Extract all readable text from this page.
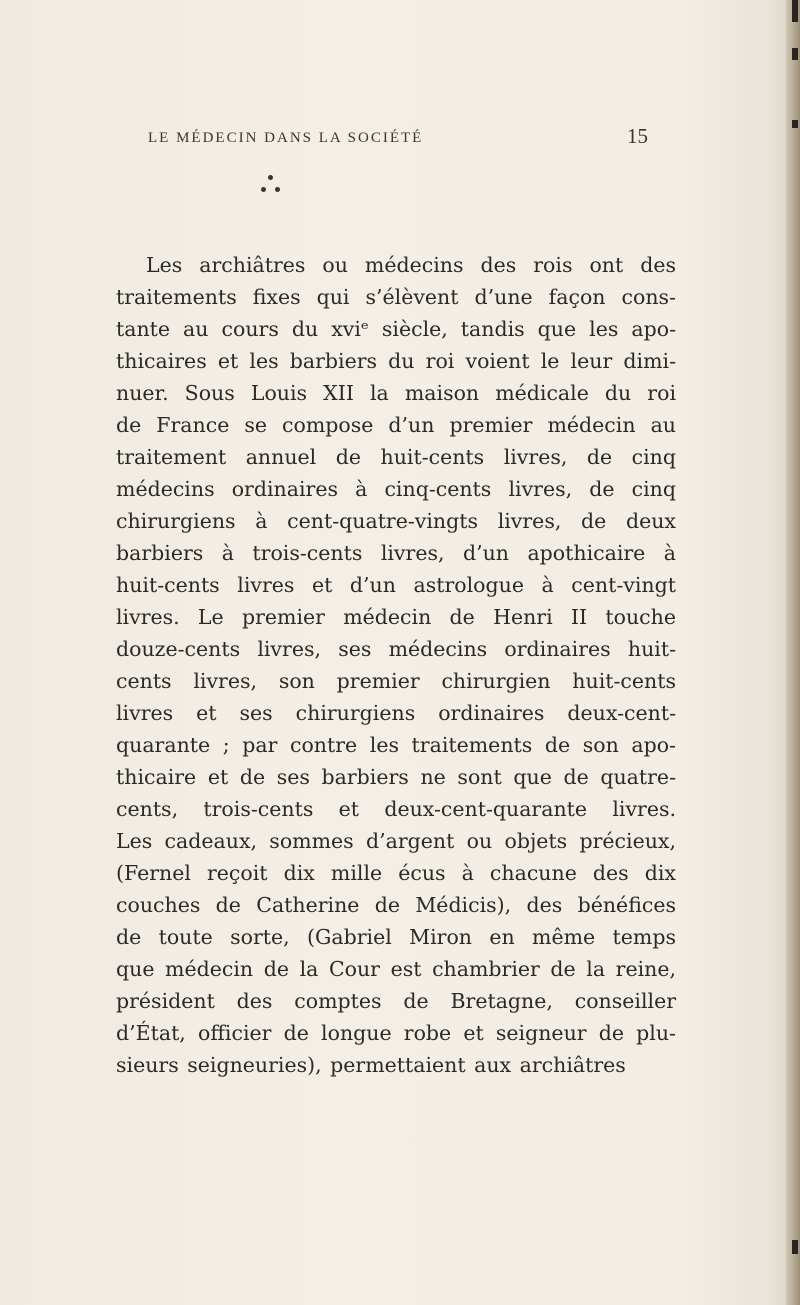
LE MÉDECIN DANS LA SOCIÉTÉ	15
Les archiâtres ou médecins des rois ont des
traitements fixes qui s’élèvent d’une façon cons-
tante au cours du xviᵉ siècle, tandis que les apo-
thicaires et les barbiers du roi voient le leur dimi-
nuer. Sous Louis XII la maison médicale du roi
de France se compose d’un premier médecin au
traitement annuel de huit-cents livres, de cinq
médecins ordinaires à cinq-cents livres, de cinq
chirurgiens à cent-quatre-vingts livres, de deux
barbiers à trois-cents livres, d’un apothicaire à
huit-cents livres et d’un astrologue à cent-vingt
livres. Le premier médecin de Henri II touche
douze-cents livres, ses médecins ordinaires huit-
cents livres, son premier chirurgien huit-cents
livres et ses chirurgiens ordinaires deux-cent-
quarante ; par contre les traitements de son apo-
thicaire et de ses barbiers ne sont que de quatre-
cents, trois-cents et deux-cent-quarante livres.
Les cadeaux, sommes d’argent ou objets précieux,
(Fernel reçoit dix mille écus à chacune des dix
couches de Catherine de Médicis), des bénéfices
de toute sorte, (Gabriel Miron en même temps
que médecin de la Cour est chambrier de la reine,
président des comptes de Bretagne, conseiller
d’État, officier de longue robe et seigneur de plu-
sieurs seigneuries), permettaient aux archiâtres
